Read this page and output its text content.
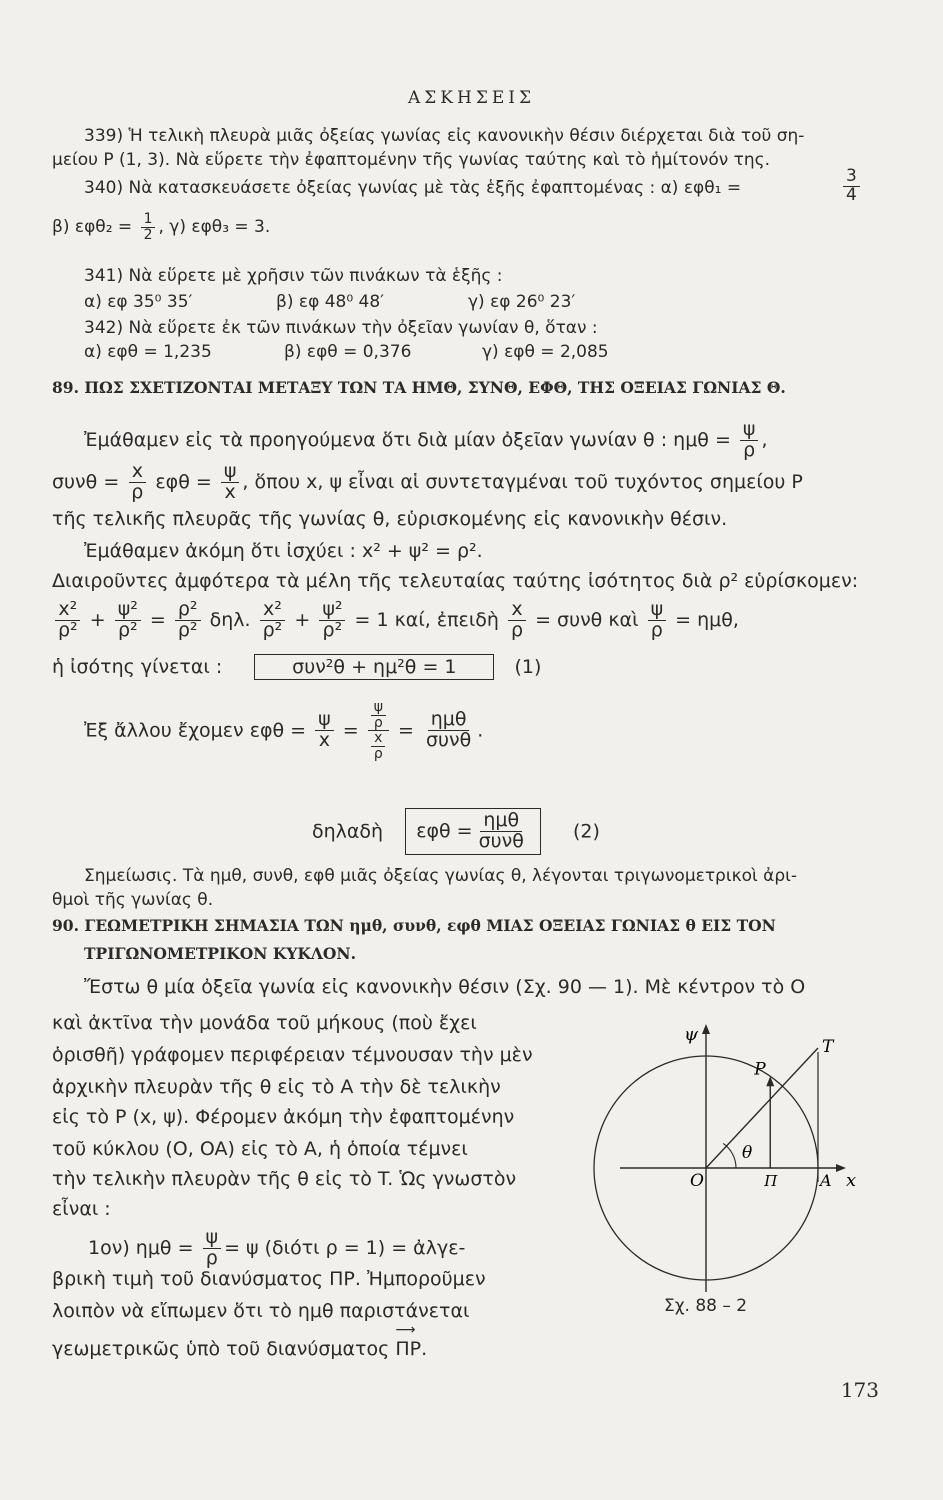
ΑΣΚΗΣΕΙΣ
339) Ἡ τελικὴ πλευρὰ μιᾶς ὀξείας γωνίας εἰς κανονικὴν θέσιν διέρχεται διὰ τοῦ ση-
μείου P (1, 3). Νὰ εὕρετε τὴν ἐφαπτομένην τῆς γωνίας ταύτης καὶ τὸ ἡμίτονόν της.
340) Νὰ κατασκευάσετε ὀξείας γωνίας μὲ τὰς ἑξῆς ἐφαπτομένας : α) εφθ₁ =	$\frac{3}{4}$
β) $\varepsilon\varphi\theta_2 = \frac{1}{2}$ , γ) εφθ₃ = 3.
341) Νὰ εὕρετε μὲ χρῆσιν τῶν πινάκων τὰ ἑξῆς :
α) εφ 35⁰ 35′	β) εφ 48⁰ 48′	γ) εφ 26⁰ 23′
342) Νὰ εὕρετε ἐκ τῶν πινάκων τὴν ὀξεῖαν γωνίαν θ, ὅταν :
α) εφθ = 1,235	β) εφθ = 0,376	γ) εφθ = 2,085
89. ΠΩΣ ΣΧΕΤΙΖΟΝΤΑΙ ΜΕΤΑΞΥ ΤΩΝ ΤΑ ΗΜΘ, ΣΥΝΘ, ΕΦΘ, ΤΗΣ ΟΞΕΙΑΣ ΓΩΝΙΑΣ Θ.
Ἐμάθαμεν εἰς τὰ προηγούμενα ὅτι διὰ μίαν ὀξεῖαν γωνίαν θ : $\eta\mu\theta = \frac{\psi}{\rho}$ ,
$\sigma\upsilon\nu\theta = \frac{x}{\rho}$ $\varepsilon\varphi\theta = \frac{\psi}{x}$ , ὅπου x, ψ εἶναι αἱ συντεταγμέναι τοῦ τυχόντος σημείου P
τῆς τελικῆς πλευρᾶς τῆς γωνίας θ, εὑρισκομένης εἰς κανονικὴν θέσιν.
Ἐμάθαμεν ἀκόμη ὅτι ἰσχύει : x² + ψ² = ρ².
Διαιροῦντες ἀμφότερα τὰ μέλη τῆς τελευταίας ταύτης ἰσότητος διὰ ρ² εὑρίσκομεν:
$\frac{\text{x²}}{\text{ρ²}} + \frac{\text{ψ²}}{\text{ρ²}} = \frac{\text{ρ²}}{\text{ρ²}} \delta\eta\lambda$. $\frac{\text{x²}}{\text{ρ²}} + \frac{\text{ψ²}}{\text{ρ²}} = 1$ καί, ἐπειδὴ $\frac{x}{\rho} = \sigma\upsilon\nu\theta$ καὶ $\frac{\psi}{\rho} = \eta\mu\theta$,
ἡ ἰσότης γίνεται :	συν²θ + ημ²θ = 1	(1)
Ἐξ ἄλλου ἔχομεν $\varepsilon\varphi\theta = \frac{\psi}{x} = \frac{\frac{\psi}{\rho}}{\frac{x}{\rho}} = \frac{\text{ημθ}}{\text{συνθ}}$ .
δηλαδὴ $\varepsilon\varphi\theta = \frac{\text{ημθ}}{\text{συνθ}} (2)$
Σημείωσις. Τὰ ημθ, συνθ, εφθ μιᾶς ὀξείας γωνίας θ, λέγονται τριγωνομετρικοὶ ἀρι-
θμοὶ τῆς γωνίας θ.
90. ΓΕΩΜΕΤΡΙΚΗ ΣΗΜΑΣΙΑ ΤΩΝ ημθ, συνθ, εφθ ΜΙΑΣ ΟΞΕΙΑΣ ΓΩΝΙΑΣ θ ΕΙΣ ΤΟΝ
ΤΡΙΓΩΝΟΜΕΤΡΙΚΟΝ ΚΥΚΛΟΝ.
Ἔστω θ μία ὀξεῖα γωνία εἰς κανονικὴν θέσιν (Σχ. 90 — 1). Μὲ κέντρον τὸ O
καὶ ἀκτῖνα τὴν μονάδα τοῦ μήκους (ποὺ ἔχει
ὁρισθῆ) γράφομεν περιφέρειαν τέμνουσαν τὴν μὲν
ἀρχικὴν πλευρὰν τῆς θ εἰς τὸ A τὴν δὲ τελικὴν
εἰς τὸ P (x, ψ). Φέρομεν ἀκόμη τὴν ἐφαπτομένην
τοῦ κύκλου (O, OA) εἰς τὸ A, ἡ ὁποία τέμνει
τὴν τελικὴν πλευρὰν τῆς θ εἰς τὸ T. Ὡς γνωστὸν
εἶναι :
1ον) $\eta\mu\theta = \frac{\psi}{\rho} = \psi$ (διότι ρ = 1) = ἀλγε-
βρικὴ τιμὴ τοῦ διανύσματος ΠΡ. Ἠμποροῦμεν
λοιπὸν νὰ εἴπωμεν ὅτι τὸ ημθ παριστάνεται
γεωμετρικῶς ὑπὸ τοῦ διανύσματος ⟶ ΠΡ.
ψ
x
O
P
T
A
Π
θ
Σχ. 88 – 2
173
